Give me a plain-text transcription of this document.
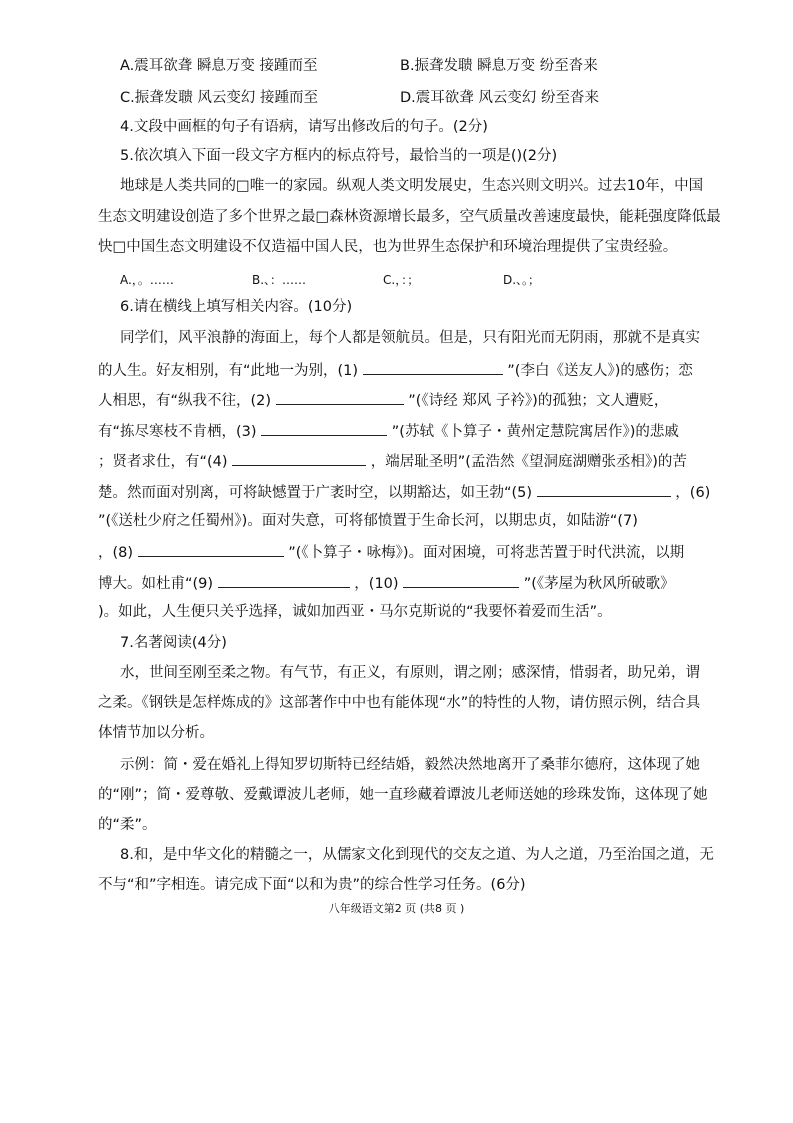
A.震耳欲聋 瞬息万变 接踵而至	B.振聋发聩 瞬息万变 纷至沓来
C.振聋发聩 风云变幻 接踵而至	D.震耳欲聋 风云变幻 纷至沓来
4.文段中画框的句子有语病，请写出修改后的句子。(2分)
5.依次填入下面一段文字方框内的标点符号，最恰当的一项是()(2分)
地球是人类共同的□唯一的家园。纵观人类文明发展史，生态兴则文明兴。过去10年，中国
生态文明建设创造了多个世界之最□森林资源增长最多，空气质量改善速度最快，能耗强度降低最
快□中国生态文明建设不仅造福中国人民，也为世界生态保护和环境治理提供了宝贵经验。
A.，。……	B.、：……	C.，：；	D.、。；
6.请在横线上填写相关内容。(10分)
同学们，风平浪静的海面上，每个人都是领航员。但是，只有阳光而无阴雨，那就不是真实
的人生。好友相别，有“此地一为别，(1)	”(李白《送友人》)的感伤；恋
人相思，有“纵我不往，(2)	”(《诗经 郑风 子衿》)的孤独；文人遭贬，
有“拣尽寒枝不肯栖，(3)	”(苏轼《卜算子・黄州定慧院寓居作》)的悲戚
；贤者求仕，有“(4)	，端居耻圣明”(孟浩然《望洞庭湖赠张丞相》)的苦
楚。然而面对别离，可将缺憾置于广袤时空，以期豁达，如王勃“(5)	，(6)
”(《送杜少府之任蜀州》)。面对失意，可将郁愤置于生命长河，以期忠贞，如陆游“(7)
，(8)	”(《卜算子・咏梅》)。面对困境，可将悲苦置于时代洪流，以期
博大。如杜甫“(9)	，(10)	”(《茅屋为秋风所破歌》
)。如此，人生便只关乎选择，诚如加西亚・马尔克斯说的“我要怀着爱而生活”。
7.名著阅读(4分)
水，世间至刚至柔之物。有气节，有正义，有原则，谓之刚；感深情，惜弱者，助兄弟，谓
之柔。《钢铁是怎样炼成的》这部著作中中也有能体现“水”的特性的人物，请仿照示例，结合具
体情节加以分析。
示例：简・爱在婚礼上得知罗切斯特已经结婚，毅然决然地离开了桑菲尔德府，这体现了她
的“刚”；简・爱尊敬、爱戴谭波儿老师，她一直珍藏着谭波儿老师送她的珍珠发饰，这体现了她
的“柔”。
8.和，是中华文化的精髓之一，从儒家文化到现代的交友之道、为人之道，乃至治国之道，无
不与“和”字相连。请完成下面“以和为贵”的综合性学习任务。(6分)
八年级语文第2 页 (共8 页 )
